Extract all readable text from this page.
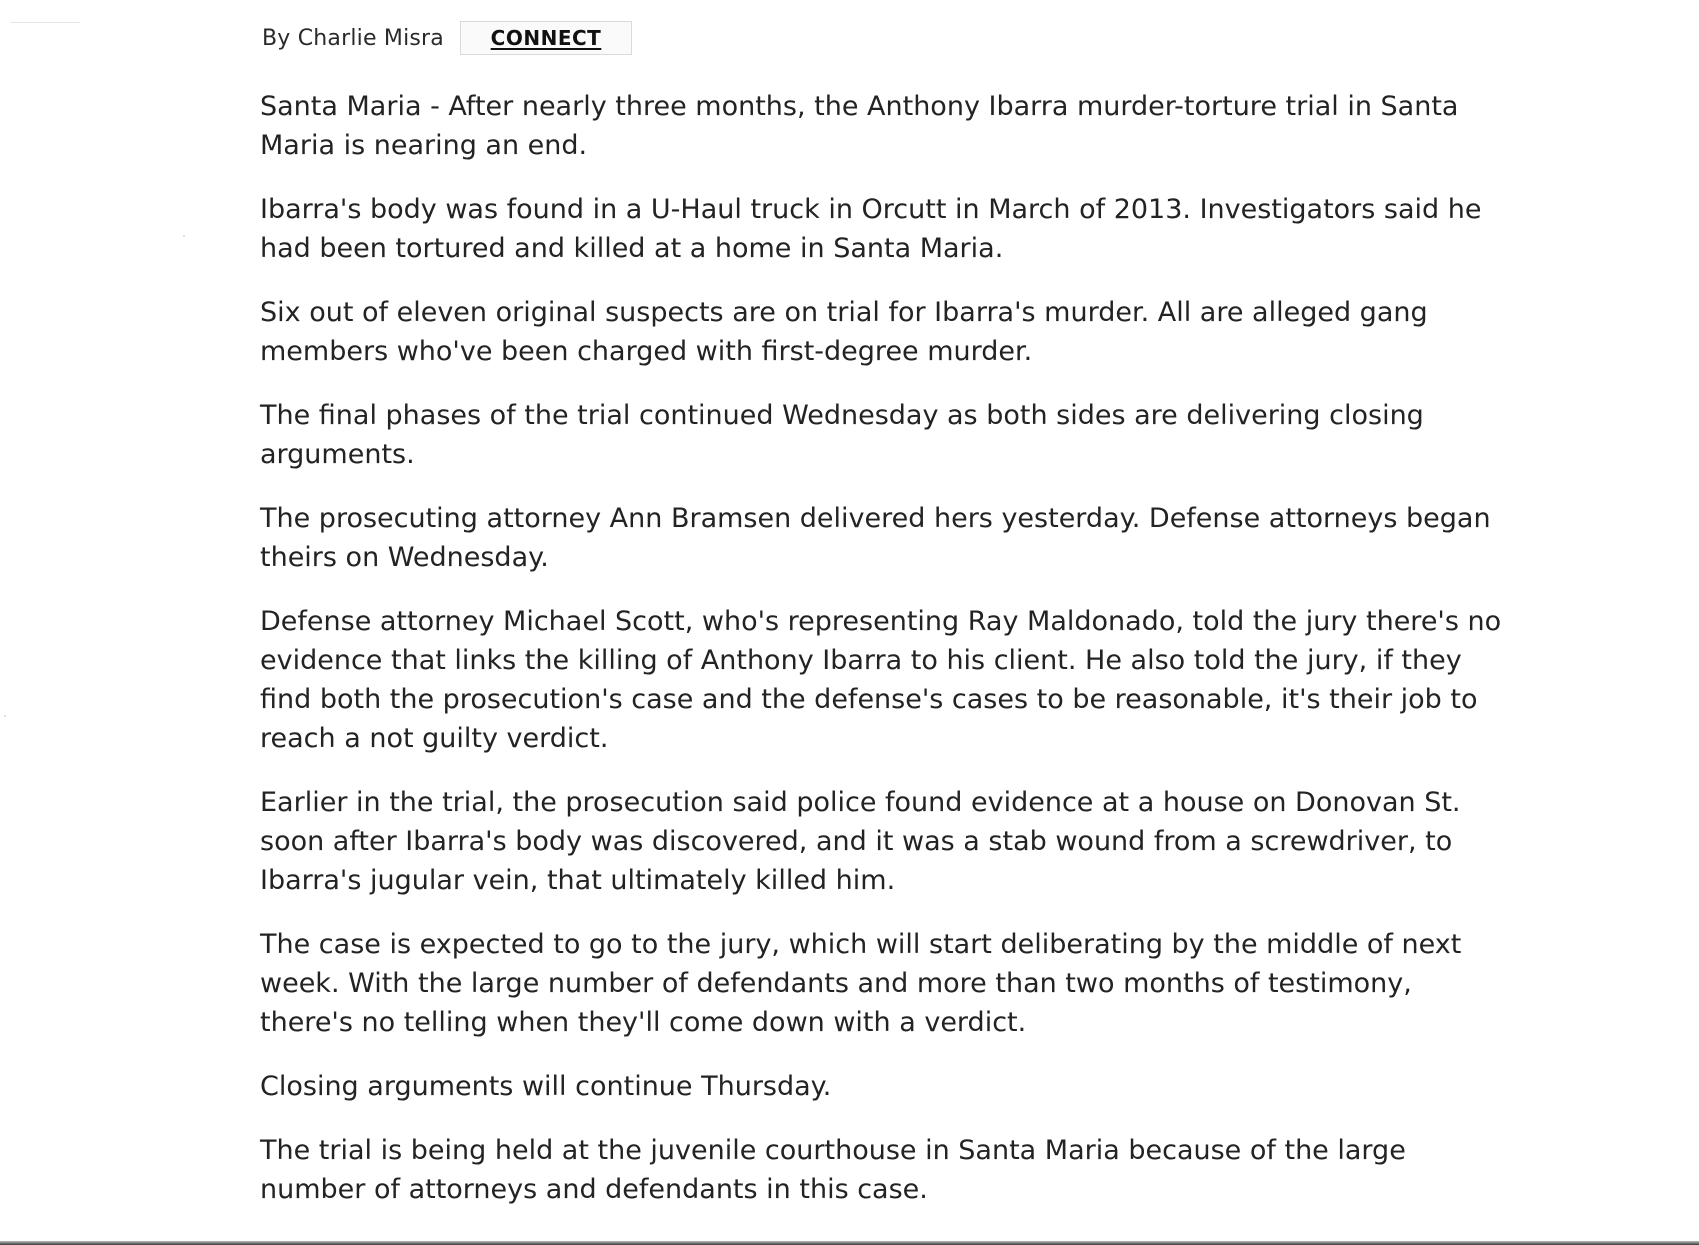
By Charlie Misra	CONNECT

Santa Maria - After nearly three months, the Anthony Ibarra murder-torture trial in Santa Maria is nearing an end.

Ibarra's body was found in a U-Haul truck in Orcutt in March of 2013. Investigators said he had been tortured and killed at a home in Santa Maria.

Six out of eleven original suspects are on trial for Ibarra's murder. All are alleged gang members who've been charged with first-degree murder.

The final phases of the trial continued Wednesday as both sides are delivering closing arguments.

The prosecuting attorney Ann Bramsen delivered hers yesterday. Defense attorneys began theirs on Wednesday.

Defense attorney Michael Scott, who's representing Ray Maldonado, told the jury there's no evidence that links the killing of Anthony Ibarra to his client. He also told the jury, if they find both the prosecution's case and the defense's cases to be reasonable, it's their job to reach a not guilty verdict.

Earlier in the trial, the prosecution said police found evidence at a house on Donovan St. soon after Ibarra's body was discovered, and it was a stab wound from a screwdriver, to Ibarra's jugular vein, that ultimately killed him.

The case is expected to go to the jury, which will start deliberating by the middle of next week. With the large number of defendants and more than two months of testimony, there's no telling when they'll come down with a verdict.

Closing arguments will continue Thursday.

The trial is being held at the juvenile courthouse in Santa Maria because of the large number of attorneys and defendants in this case.
